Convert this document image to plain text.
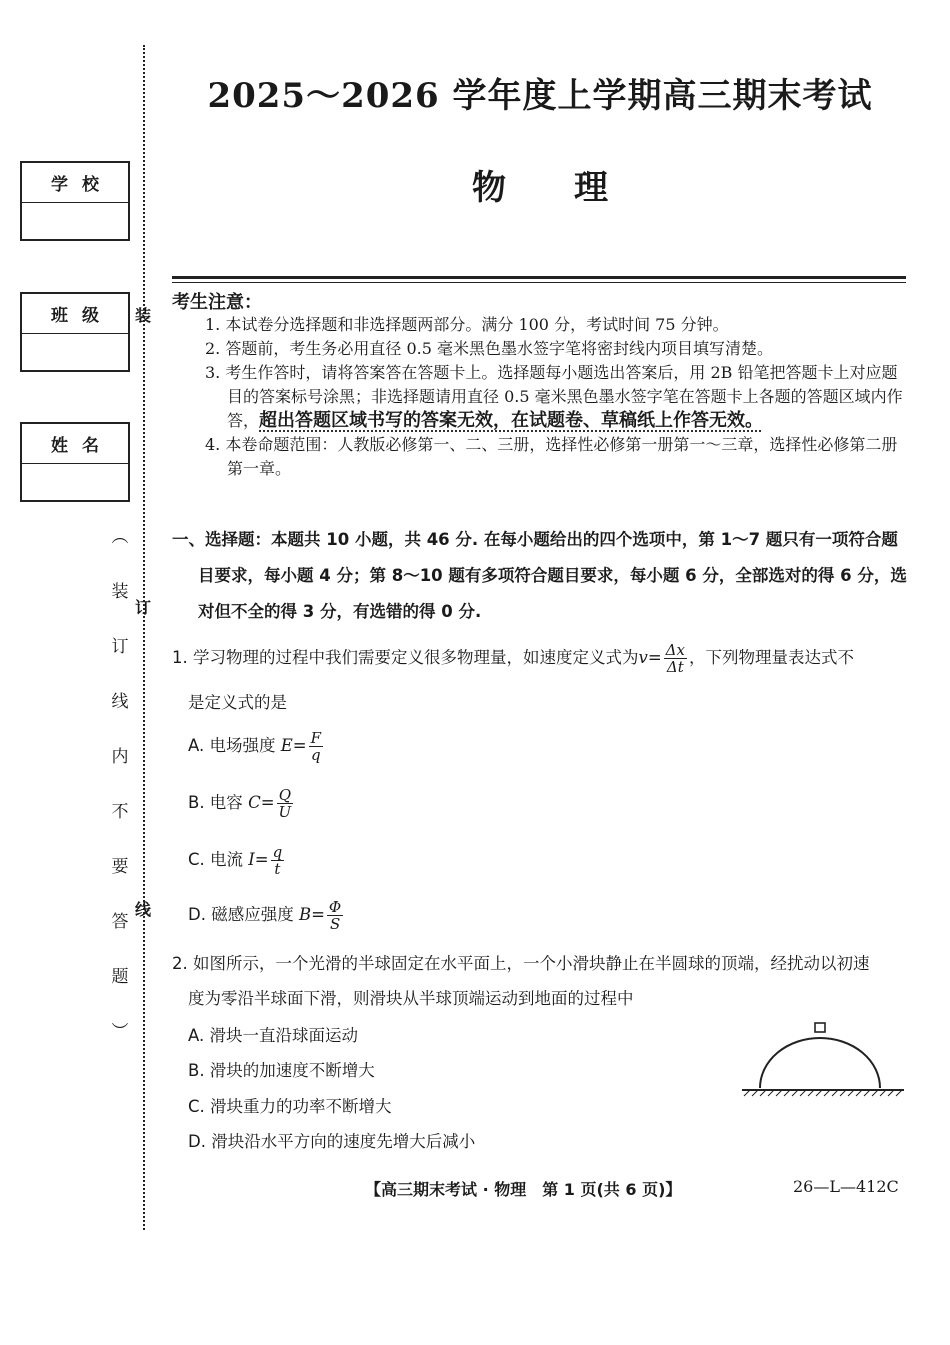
装
订
线
学校
班级
姓名
︵
装
订
线
内
不
要
答
题
︶
2025～2026 学年度上学期高三期末考试
物　　理
考生注意：
1. 本试卷分选择题和非选择题两部分。满分 100 分，考试时间 75 分钟。
2. 答题前，考生务必用直径 0.5 毫米黑色墨水签字笔将密封线内项目填写清楚。
3. 考生作答时，请将答案答在答题卡上。选择题每小题选出答案后，用 2B 铅笔把答题卡上对应题目的答案标号涂黑；非选择题请用直径 0.5 毫米黑色墨水签字笔在答题卡上各题的答题区域内作答，超出答题区域书写的答案无效，在试题卷、草稿纸上作答无效。
4. 本卷命题范围：人教版必修第一、二、三册，选择性必修第一册第一～三章，选择性必修第二册第一章。
一、选择题：本题共 10 小题，共 46 分. 在每小题给出的四个选项中，第 1～7 题只有一项符合题
目要求，每小题 4 分；第 8～10 题有多项符合题目要求，每小题 6 分，全部选对的得 6 分，选
对但不全的得 3 分，有选错的得 0 分.
1. 学习物理的过程中我们需要定义很多物理量，如速度定义式为$v= \frac{\Delta x}{\Delta t}$ ，下列物理量表达式不
是定义式的是
A. 电场强度 $E= \frac{F}{q}$
B. 电容 $C= \frac{Q}{U}$
C. 电流 $I= \frac{q}{t}$
D. 磁感应强度 $B= \frac{\Phi}{S}$
2. 如图所示，一个光滑的半球固定在水平面上，一个小滑块静止在半圆球的顶端，经扰动以初速
度为零沿半球面下滑，则滑块从半球顶端运动到地面的过程中
A. 滑块一直沿球面运动
B. 滑块的加速度不断增大
C. 滑块重力的功率不断增大
D. 滑块沿水平方向的速度先增大后减小
【高三期末考试 · 物理　第 1 页(共 6 页)】	26—L—412C
